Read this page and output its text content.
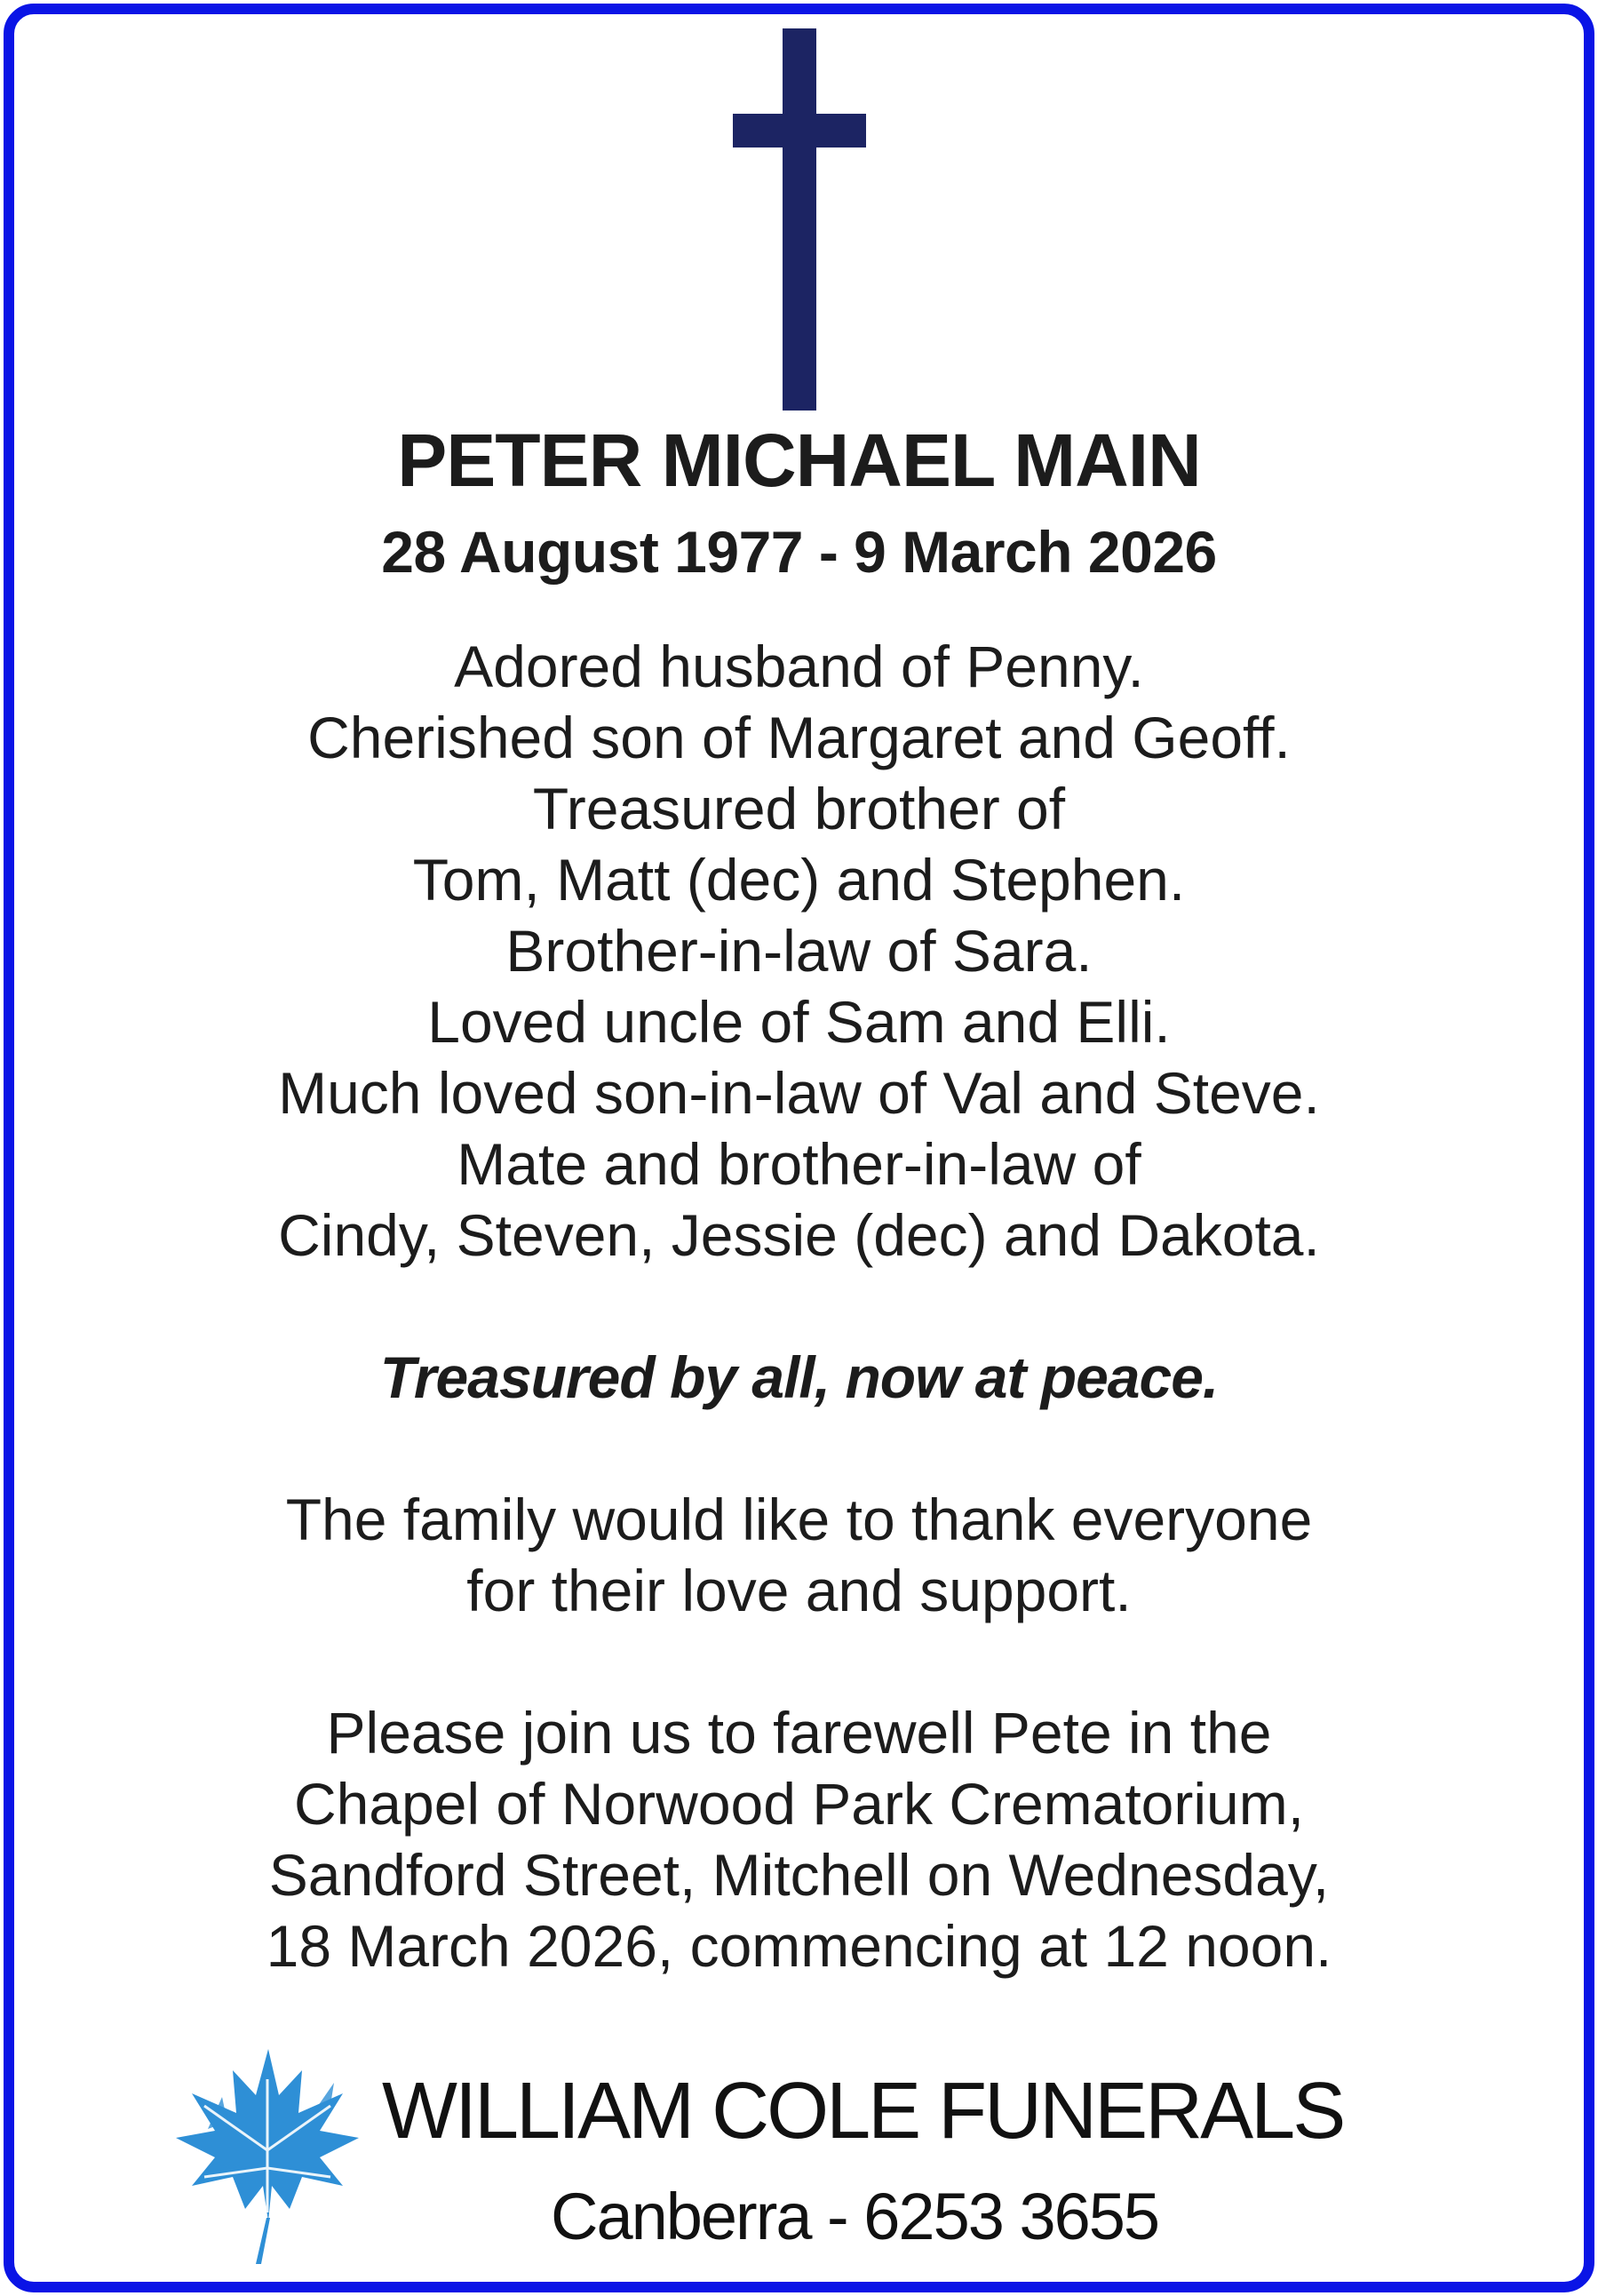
PETER MICHAEL MAIN

28 August 1977 - 9 March 2026

Adored husband of Penny.
Cherished son of Margaret and Geoff.
Treasured brother of
Tom, Matt (dec) and Stephen.
Brother-in-law of Sara.
Loved uncle of Sam and Elli.
Much loved son-in-law of Val and Steve.
Mate and brother-in-law of
Cindy, Steven, Jessie (dec) and Dakota.

Treasured by all, now at peace.

The family would like to thank everyone
for their love and support.
Please join us to farewell Pete in the
Chapel of Norwood Park Crematorium,
Sandford Street, Mitchell on Wednesday,
18 March 2026, commencing at 12 noon.
WILLIAM COLE FUNERALS
Canberra - 6253 3655
